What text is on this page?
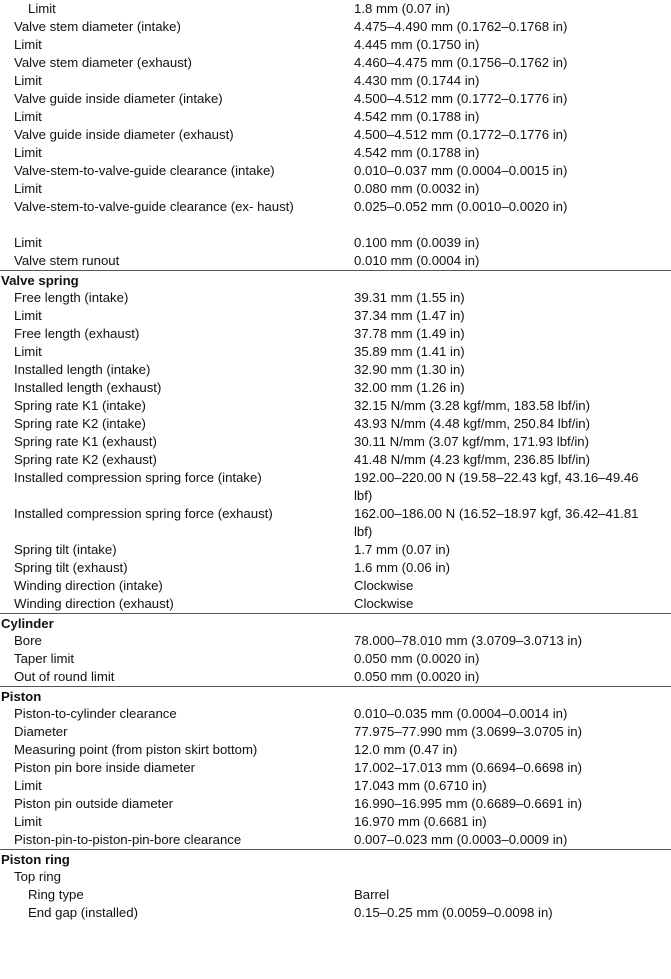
Limit	1.8 mm (0.07 in)
Valve stem diameter (intake)	4.475–4.490 mm (0.1762–0.1768 in)
Limit	4.445 mm (0.1750 in)
Valve stem diameter (exhaust)	4.460–4.475 mm (0.1756–0.1762 in)
Limit	4.430 mm (0.1744 in)
Valve guide inside diameter (intake)	4.500–4.512 mm (0.1772–0.1776 in)
Limit	4.542 mm (0.1788 in)
Valve guide inside diameter (exhaust)	4.500–4.512 mm (0.1772–0.1776 in)
Limit	4.542 mm (0.1788 in)
Valve-stem-to-valve-guide clearance (intake)	0.010–0.037 mm (0.0004–0.0015 in)
Limit	0.080 mm (0.0032 in)
Valve-stem-to-valve-guide clearance (ex- haust)	0.025–0.052 mm (0.0010–0.0020 in)
Limit	0.100 mm (0.0039 in)
Valve stem runout	0.010 mm (0.0004 in)
Valve spring
Free length (intake)	39.31 mm (1.55 in)
Limit	37.34 mm (1.47 in)
Free length (exhaust)	37.78 mm (1.49 in)
Limit	35.89 mm (1.41 in)
Installed length (intake)	32.90 mm (1.30 in)
Installed length (exhaust)	32.00 mm (1.26 in)
Spring rate K1 (intake)	32.15 N/mm (3.28 kgf/mm, 183.58 lbf/in)
Spring rate K2 (intake)	43.93 N/mm (4.48 kgf/mm, 250.84 lbf/in)
Spring rate K1 (exhaust)	30.11 N/mm (3.07 kgf/mm, 171.93 lbf/in)
Spring rate K2 (exhaust)	41.48 N/mm (4.23 kgf/mm, 236.85 lbf/in)
Installed compression spring force (intake)	192.00–220.00 N (19.58–22.43 kgf, 43.16–49.46 lbf)
Installed compression spring force (exhaust)	162.00–186.00 N (16.52–18.97 kgf, 36.42–41.81 lbf)
Spring tilt (intake)	1.7 mm (0.07 in)
Spring tilt (exhaust)	1.6 mm (0.06 in)
Winding direction (intake)	Clockwise
Winding direction (exhaust)	Clockwise
Cylinder
Bore	78.000–78.010 mm (3.0709–3.0713 in)
Taper limit	0.050 mm (0.0020 in)
Out of round limit	0.050 mm (0.0020 in)
Piston
Piston-to-cylinder clearance	0.010–0.035 mm (0.0004–0.0014 in)
Diameter	77.975–77.990 mm (3.0699–3.0705 in)
Measuring point (from piston skirt bottom)	12.0 mm (0.47 in)
Piston pin bore inside diameter	17.002–17.013 mm (0.6694–0.6698 in)
Limit	17.043 mm (0.6710 in)
Piston pin outside diameter	16.990–16.995 mm (0.6689–0.6691 in)
Limit	16.970 mm (0.6681 in)
Piston-pin-to-piston-pin-bore clearance	0.007–0.023 mm (0.0003–0.0009 in)
Piston ring
Top ring
Ring type	Barrel
End gap (installed)	0.15–0.25 mm (0.0059–0.0098 in)
